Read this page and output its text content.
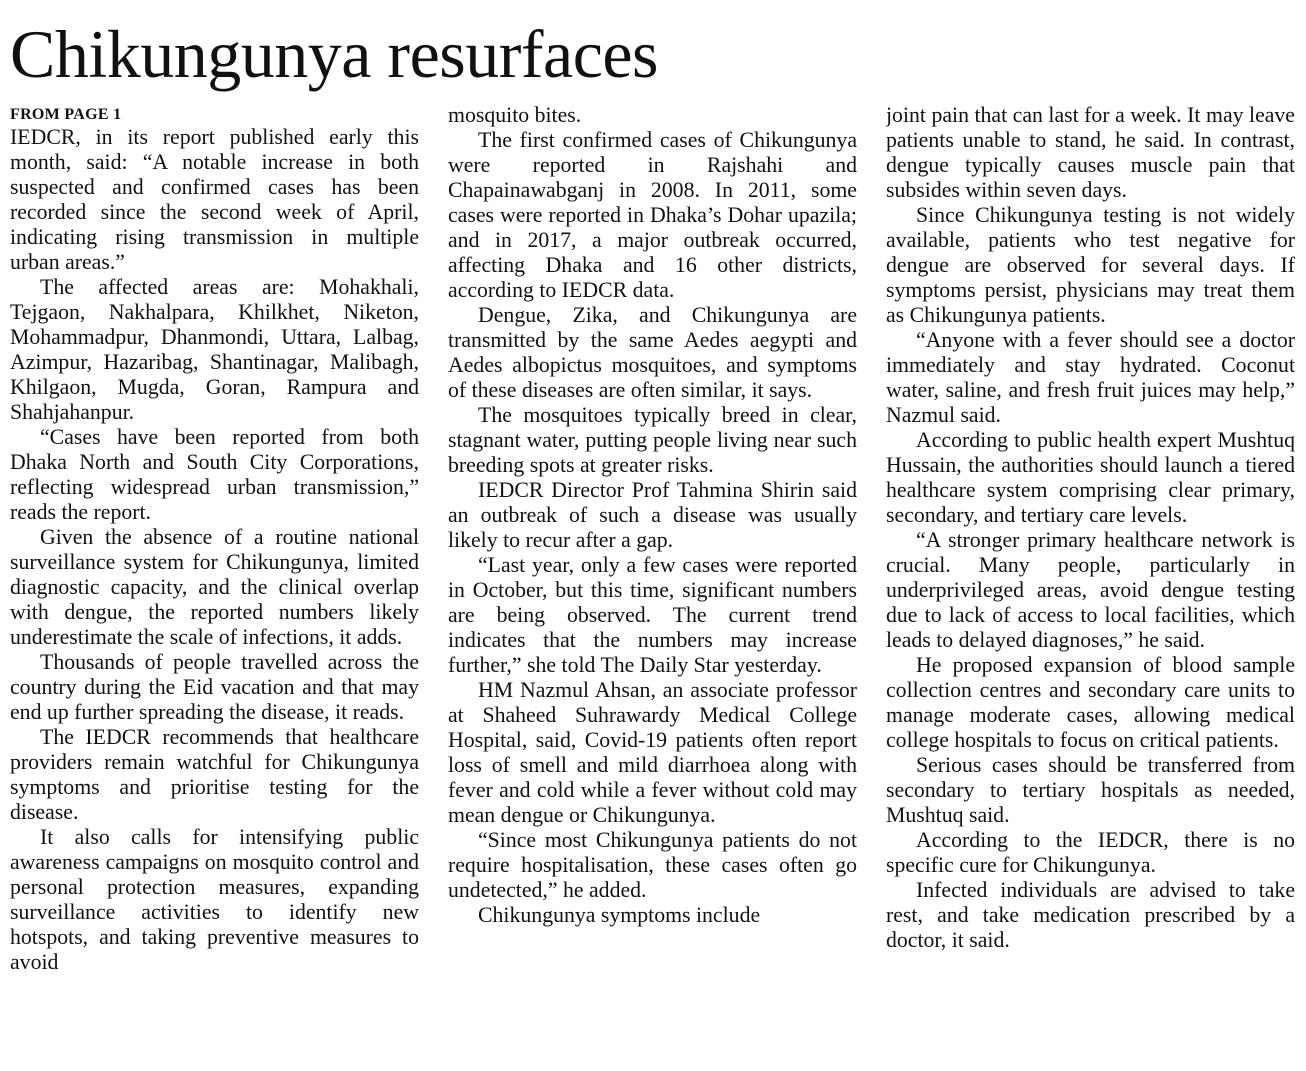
Chikungunya resurfaces

FROM PAGE 1

IEDCR, in its report published early this month, said: “A notable increase in both suspected and confirmed cases has been recorded since the second week of April, indicating rising transmission in multiple urban areas.”

The affected areas are: Mohakhali, Tejgaon, Nakhalpara, Khilkhet, Niketon, Mohammadpur, Dhanmondi, Uttara, Lalbag, Azimpur, Hazaribag, Shantinagar, Malibagh, Khilgaon, Mugda, Goran, Rampura and Shahjahanpur.

“Cases have been reported from both Dhaka North and South City Corporations, reflecting widespread urban transmission,” reads the report.

Given the absence of a routine national surveillance system for Chikungunya, limited diagnostic capacity, and the clinical overlap with dengue, the reported numbers likely underestimate the scale of infections, it adds.

Thousands of people travelled across the country during the Eid vacation and that may end up further spreading the disease, it reads.

The IEDCR recommends that healthcare providers remain watchful for Chikungunya symptoms and prioritise testing for the disease.

It also calls for intensifying public awareness campaigns on mosquito control and personal protection measures, expanding surveillance activities to identify new hotspots, and taking preventive measures to avoid

mosquito bites.

The first confirmed cases of Chikungunya were reported in Rajshahi and Chapainawabganj in 2008. In 2011, some cases were reported in Dhaka’s Dohar upazila; and in 2017, a major outbreak occurred, affecting Dhaka and 16 other districts, according to IEDCR data.

Dengue, Zika, and Chikungunya are transmitted by the same Aedes aegypti and Aedes albopictus mosquitoes, and symptoms of these diseases are often similar, it says.

The mosquitoes typically breed in clear, stagnant water, putting people living near such breeding spots at greater risks.

IEDCR Director Prof Tahmina Shirin said an outbreak of such a disease was usually likely to recur after a gap.

“Last year, only a few cases were reported in October, but this time, significant numbers are being observed. The current trend indicates that the numbers may increase further,” she told The Daily Star yesterday.

HM Nazmul Ahsan, an associate professor at Shaheed Suhrawardy Medical College Hospital, said, Covid-19 patients often report loss of smell and mild diarrhoea along with fever and cold while a fever without cold may mean dengue or Chikungunya.

“Since most Chikungunya patients do not require hospitalisation, these cases often go undetected,” he added.

Chikungunya symptoms include

joint pain that can last for a week. It may leave patients unable to stand, he said. In contrast, dengue typically causes muscle pain that subsides within seven days.

Since Chikungunya testing is not widely available, patients who test negative for dengue are observed for several days. If symptoms persist, physicians may treat them as Chikungunya patients.

“Anyone with a fever should see a doctor immediately and stay hydrated. Coconut water, saline, and fresh fruit juices may help,” Nazmul said.

According to public health expert Mushtuq Hussain, the authorities should launch a tiered healthcare system comprising clear primary, secondary, and tertiary care levels.

“A stronger primary healthcare network is crucial. Many people, particularly in underprivileged areas, avoid dengue testing due to lack of access to local facilities, which leads to delayed diagnoses,” he said.

He proposed expansion of blood sample collection centres and secondary care units to manage moderate cases, allowing medical college hospitals to focus on critical patients.

Serious cases should be transferred from secondary to tertiary hospitals as needed, Mushtuq said.

According to the IEDCR, there is no specific cure for Chikungunya.

Infected individuals are advised to take rest, and take medication prescribed by a doctor, it said.
